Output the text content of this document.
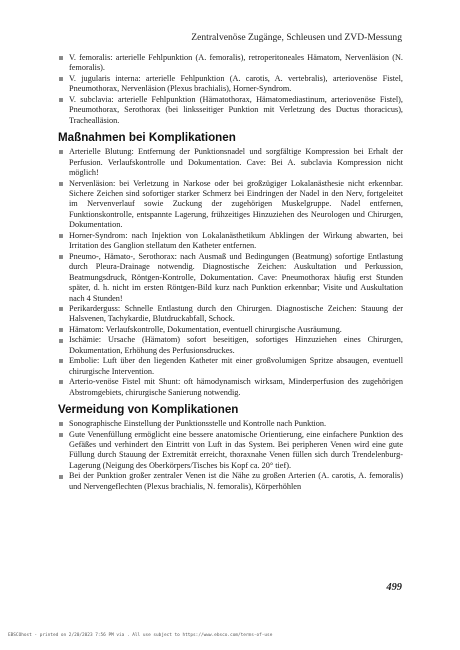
Zentralvenöse Zugänge, Schleusen und ZVD-Messung
V. femoralis: arterielle Fehlpunktion (A. femoralis), retroperitoneales Hämatom, Nervenläsion (N. femoralis).
V. jugularis interna: arterielle Fehlpunktion (A. carotis, A. vertebralis), arteriovenöse Fistel, Pneumothorax, Nervenläsion (Plexus brachialis), Horner-Syndrom.
V. subclavia: arterielle Fehlpunktion (Hämatothorax, Hämatomediastinum, arteriovenöse Fistel), Pneumothorax, Serothorax (bei linksseitiger Punktion mit Verletzung des Ductus thoracicus), Trachealläsion.
Maßnahmen bei Komplikationen
Arterielle Blutung: Entfernung der Punktionsnadel und sorgfältige Kompression bei Erhalt der Perfusion. Verlaufskontrolle und Dokumentation. Cave: Bei A. subclavia Kompression nicht möglich!
Nervenläsion: bei Verletzung in Narkose oder bei großzügiger Lokalanästhesie nicht erkennbar. Sichere Zeichen sind sofortiger starker Schmerz bei Eindringen der Nadel in den Nerv, fortgeleitet im Nervenverlauf sowie Zuckung der zugehörigen Muskelgruppe. Nadel entfernen, Funktionskontrolle, entspannte Lagerung, frühzeitiges Hinzuziehen des Neurologen und Chirurgen, Dokumentation.
Horner-Syndrom: nach Injektion von Lokalanästhetikum Abklingen der Wirkung abwarten, bei Irritation des Ganglion stellatum den Katheter entfernen.
Pneumo-, Hämato-, Serothorax: nach Ausmaß und Bedingungen (Beatmung) sofortige Entlastung durch Pleura-Drainage notwendig. Diagnostische Zeichen: Auskultation und Perkussion, Beatmungsdruck, Röntgen-Kontrolle, Dokumentation. Cave: Pneumothorax häufig erst Stunden später, d. h. nicht im ersten Röntgen-Bild kurz nach Punktion erkennbar; Visite und Auskultation nach 4 Stunden!
Perikarderguss: Schnelle Entlastung durch den Chirurgen. Diagnostische Zeichen: Stauung der Halsvenen, Tachykardie, Blutdruckabfall, Schock.
Hämatom: Verlaufskontrolle, Dokumentation, eventuell chirurgische Ausräumung.
Ischämie: Ursache (Hämatom) sofort beseitigen, sofortiges Hinzuziehen eines Chirurgen, Dokumentation, Erhöhung des Perfusionsdruckes.
Embolie: Luft über den liegenden Katheter mit einer großvolumigen Spritze absaugen, eventuell chirurgische Intervention.
Arterio-venöse Fistel mit Shunt: oft hämodynamisch wirksam, Minderperfusion des zugehörigen Abstromgebiets, chirurgische Sanierung notwendig.
Vermeidung von Komplikationen
Sonographische Einstellung der Punktionsstelle und Kontrolle nach Punktion.
Gute Venenfüllung ermöglicht eine bessere anatomische Orientierung, eine einfachere Punktion des Gefäßes und verhindert den Eintritt von Luft in das System. Bei peripheren Venen wird eine gute Füllung durch Stauung der Extremität erreicht, thoraxnahe Venen füllen sich durch Trendelenburg-Lagerung (Neigung des Oberkörpers/Tisches bis Kopf ca. 20° tief).
Bei der Punktion großer zentraler Venen ist die Nähe zu großen Arterien (A. carotis, A. femoralis) und Nervengeflechten (Plexus brachialis, N. femoralis), Körperhöhlen
499
EBSCOhost - printed on 2/20/2023 7:56 PM via . All use subject to https://www.ebsco.com/terms-of-use
